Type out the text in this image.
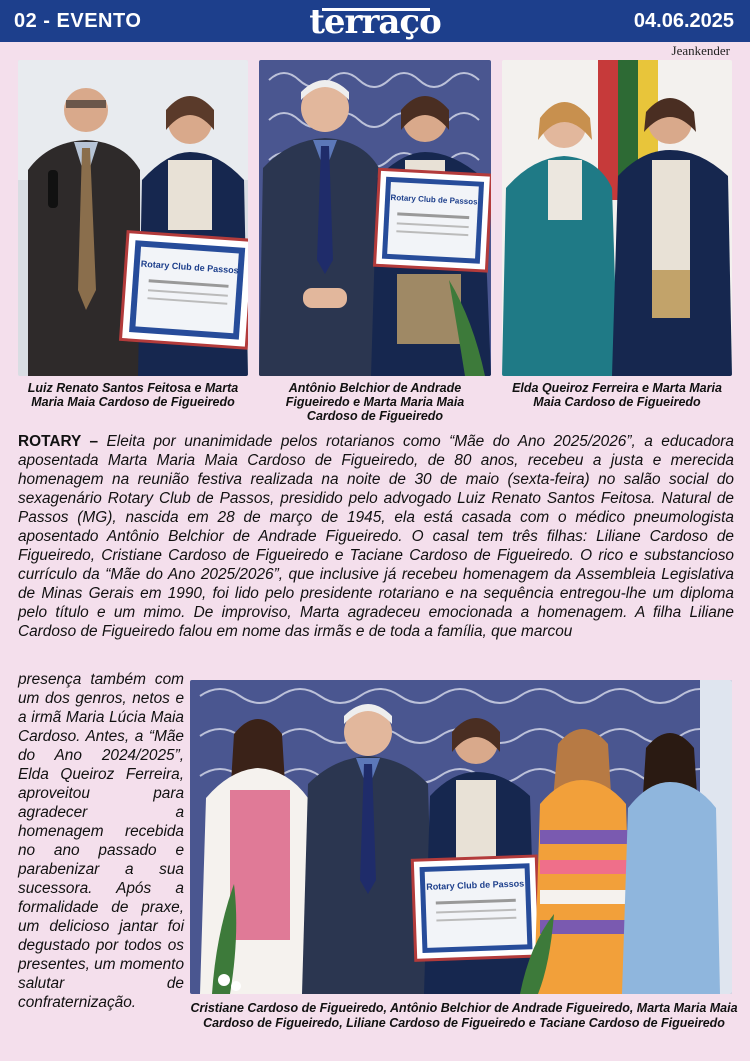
02 - EVENTO	terraço	04.06.2025
Jeankender
Rotary Club de Passos
Luiz Renato Santos Feitosa e Marta Maria Maia Cardoso de Figueiredo
Rotary Club de Passos
Antônio Belchior de Andrade Figueiredo e Marta Maria Maia Cardoso de Figueiredo
Elda Queiroz Ferreira e Marta Maria Maia Cardoso de Figueiredo
ROTARY – Eleita por unanimidade pelos rotarianos como “Mãe do Ano 2025/2026”, a educadora aposentada Marta Maria Maia Cardoso de Figueiredo, de 80 anos, recebeu a justa e merecida homenagem na reunião festiva realizada na noite de 30 de maio (sexta-feira) no salão social do sexagenário Rotary Club de Passos, presidido pelo advogado Luiz Renato Santos Feitosa. Natural de Passos (MG), nascida em 28 de março de 1945, ela está casada com o médico pneumologista aposentado Antônio Belchior de Andrade Figueiredo. O casal tem três filhas: Liliane Cardoso de Figueiredo, Cristiane Cardoso de Figueiredo e Taciane Cardoso de Figueiredo. O rico e substancioso currículo da “Mãe do Ano 2025/2026”, que inclusive já recebeu homenagem da Assembleia Legislativa de Minas Gerais em 1990, foi lido pelo presidente rotariano e na sequência entregou-lhe um diploma pelo título e um mimo. De improviso, Marta agradeceu emocionada a homenagem. A filha Liliane Cardoso de Figueiredo falou em nome das irmãs e de toda a família, que marcou
presença também com um dos genros, netos e a irmã Maria Lúcia Maia Cardoso. Antes, a “Mãe do Ano 2024/2025”, Elda Queiroz Ferreira, aproveitou para agradecer a homenagem recebida no ano passado e parabenizar a sua sucessora. Após a formalidade de praxe, um delicioso jantar foi degustado por todos os presentes, um momento salutar de confraternização.
Rotary Club de Passos
Cristiane Cardoso de Figueiredo, Antônio Belchior de Andrade Figueiredo, Marta Maria Maia Cardoso de Figueiredo, Liliane Cardoso de Figueiredo e Taciane Cardoso de Figueiredo
